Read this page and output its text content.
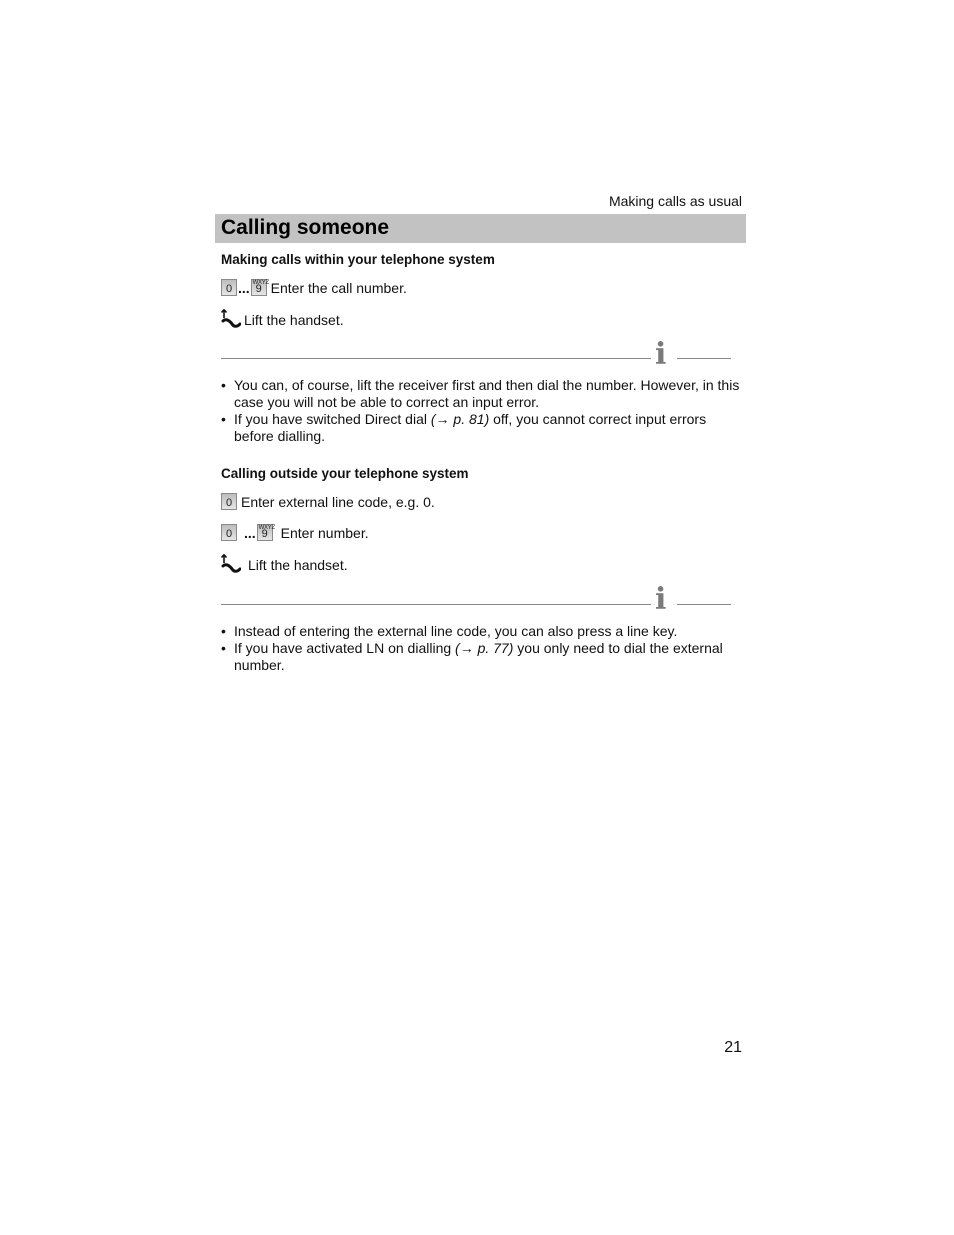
Making calls as usual
Calling someone
Making calls within your telephone system
0 ... WXYZ
9 Enter the call number.
Lift the handset.
i
• You can, of course, lift the receiver first and then dial the number. However, in this case you will not be able to correct an input error.
• If you have switched Direct dial (→ p. 81) off, you cannot correct input errors before dialling.
Calling outside your telephone system
0 Enter external line code, e.g. 0.
0 ... WXYZ
9 Enter number.
Lift the handset.
i
• Instead of entering the external line code, you can also press a line key.
• If you have activated LN on dialling (→ p. 77) you only need to dial the external number.
21
